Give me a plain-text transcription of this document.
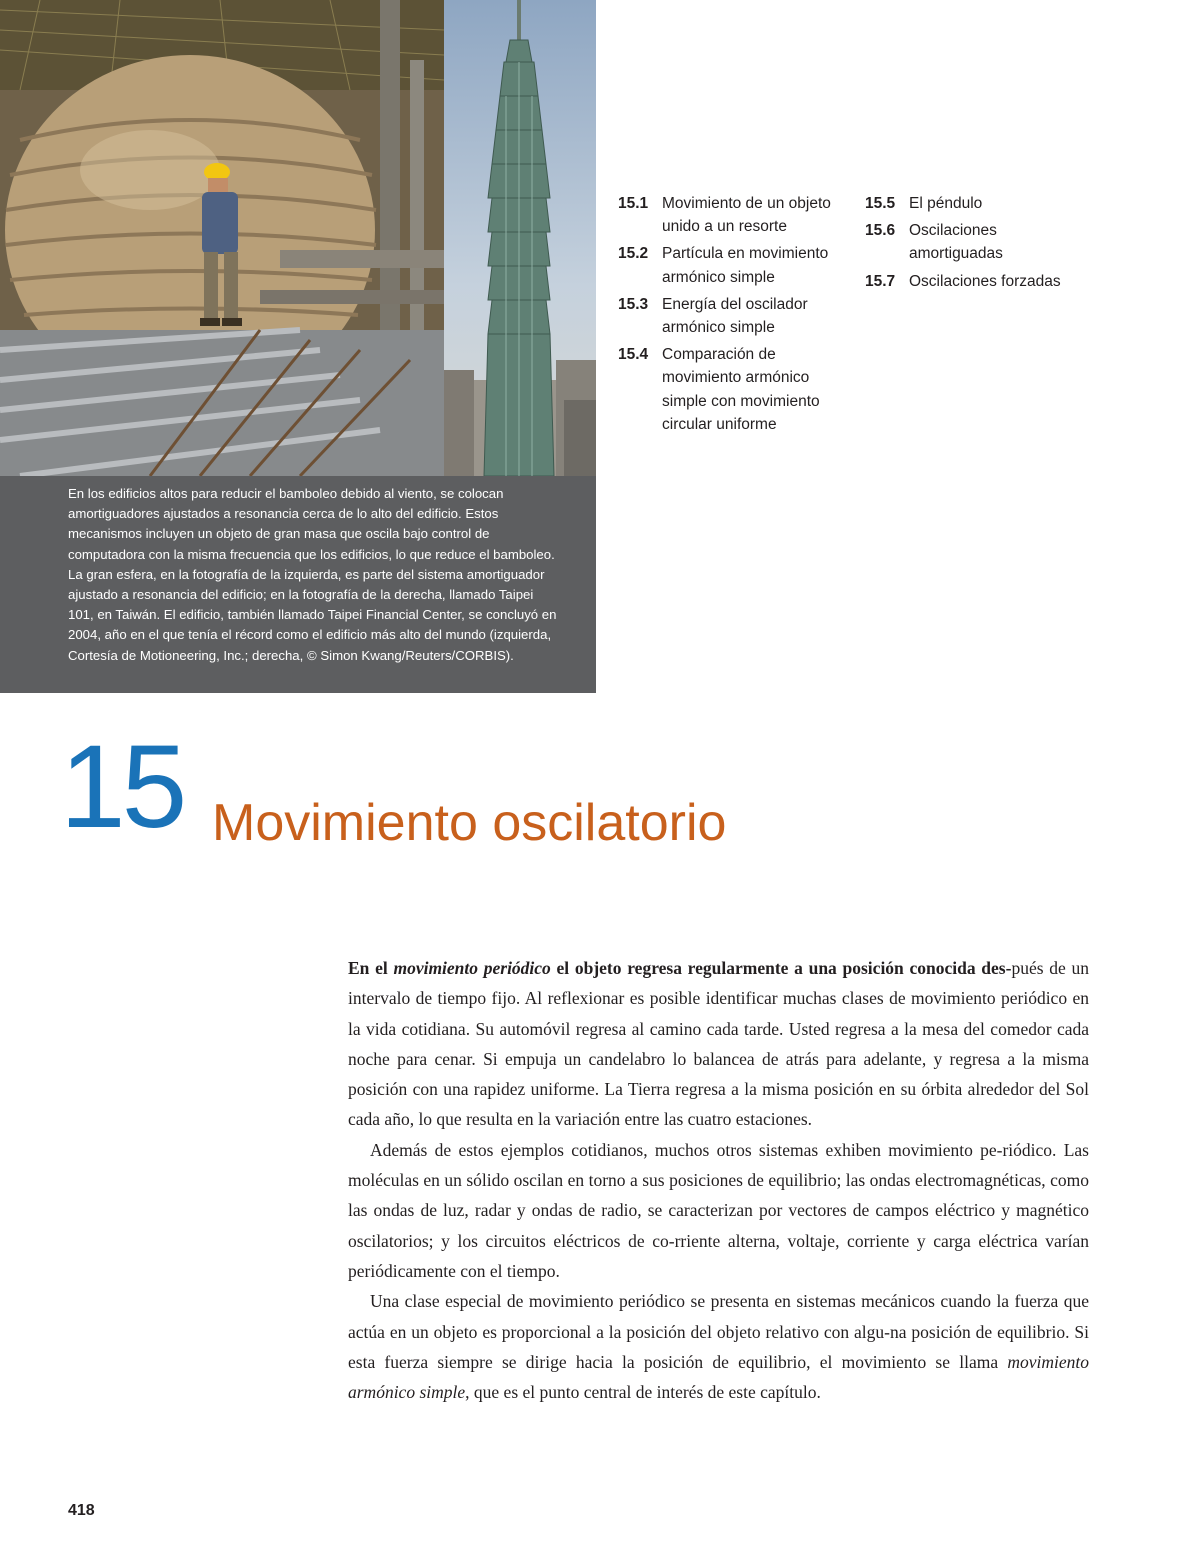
En los edificios altos para reducir el bamboleo debido al viento, se colocan amortiguadores ajustados a resonancia cerca de lo alto del edificio. Estos mecanismos incluyen un objeto de gran masa que oscila bajo control de computadora con la misma frecuencia que los edificios, lo que reduce el bamboleo. La gran esfera, en la fotografía de la izquierda, es parte del sistema amortiguador ajustado a resonancia del edificio; en la fotografía de la derecha, llamado Taipei 101, en Taiwán. El edificio, también llamado Taipei Financial Center, se concluyó en 2004, año en el que tenía el récord como el edificio más alto del mundo (izquierda, Cortesía de Motioneering, Inc.; derecha, © Simon Kwang/Reuters/CORBIS).

15.1 Movimiento de un objeto unido a un resorte
15.2 Partícula en movimiento armónico simple
15.3 Energía del oscilador armónico simple
15.4 Comparación de movimiento armónico simple con movimiento circular uniforme
15.5 El péndulo
15.6 Oscilaciones amortiguadas
15.7 Oscilaciones forzadas
15 Movimiento oscilatorio

En el movimiento periódico el objeto regresa regularmente a una posición conocida des-pués de un intervalo de tiempo fijo. Al reflexionar es posible identificar muchas clases de movimiento periódico en la vida cotidiana. Su automóvil regresa al camino cada tarde. Usted regresa a la mesa del comedor cada noche para cenar. Si empuja un candelabro lo balancea de atrás para adelante, y regresa a la misma posición con una rapidez uniforme. La Tierra regresa a la misma posición en su órbita alrededor del Sol cada año, lo que resulta en la variación entre las cuatro estaciones.

Además de estos ejemplos cotidianos, muchos otros sistemas exhiben movimiento pe-riódico. Las moléculas en un sólido oscilan en torno a sus posiciones de equilibrio; las ondas electromagnéticas, como las ondas de luz, radar y ondas de radio, se caracterizan por vectores de campos eléctrico y magnético oscilatorios; y los circuitos eléctricos de co-rriente alterna, voltaje, corriente y carga eléctrica varían periódicamente con el tiempo.

Una clase especial de movimiento periódico se presenta en sistemas mecánicos cuando la fuerza que actúa en un objeto es proporcional a la posición del objeto relativo con algu-na posición de equilibrio. Si esta fuerza siempre se dirige hacia la posición de equilibrio, el movimiento se llama movimiento armónico simple, que es el punto central de interés de este capítulo.

418
